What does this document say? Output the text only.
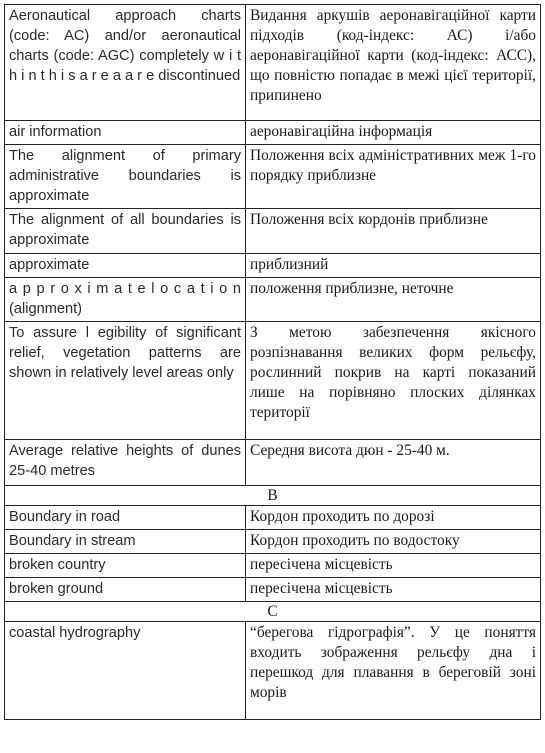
Aeronautical approach charts (code: AC) and/or aeronautical charts (code: AGC) completely w i t h i n t h i s a r e a a r e discontinued	Видання аркушів аеронавігаційної карти підходів (код-індекс: АС) і/або аеронавігаційної карти (код-індекс: АСС), що повністю попадає в межі цієї території, припинено
air information	аеронавігаційна інформація
The alignment of primary administrative boundaries is approximate	Положення всіх адміністративних меж 1-го порядку приблизне
The alignment of all boundaries is approximate	Положення всіх кордонів приблизне
approximate	приблизний
a p p r o x i m a t e l o c a t i o n (alignment)	положення приблизне, неточне
To assure l egibility of significant relief, vegetation patterns are shown in relatively level areas only	З метою забезпечення якісного розпізнавання великих форм рельєфу, рослинний покрив на карті показаний лише на порівняно плоских ділянках території
Average relative heights of dunes 25-40 metres	Середня висота дюн - 25-40 м.
В	
Boundary in road	Кордон проходить по дорозі
Boundary in stream	Кордон проходить по водостоку
broken country	пересічена місцевість
broken ground	пересічена місцевість
С	
coastal hydrography	“берегова гідрографія”. У це поняття входить зображення рельєфу дна і перешкод для плавання в береговій зоні морів
